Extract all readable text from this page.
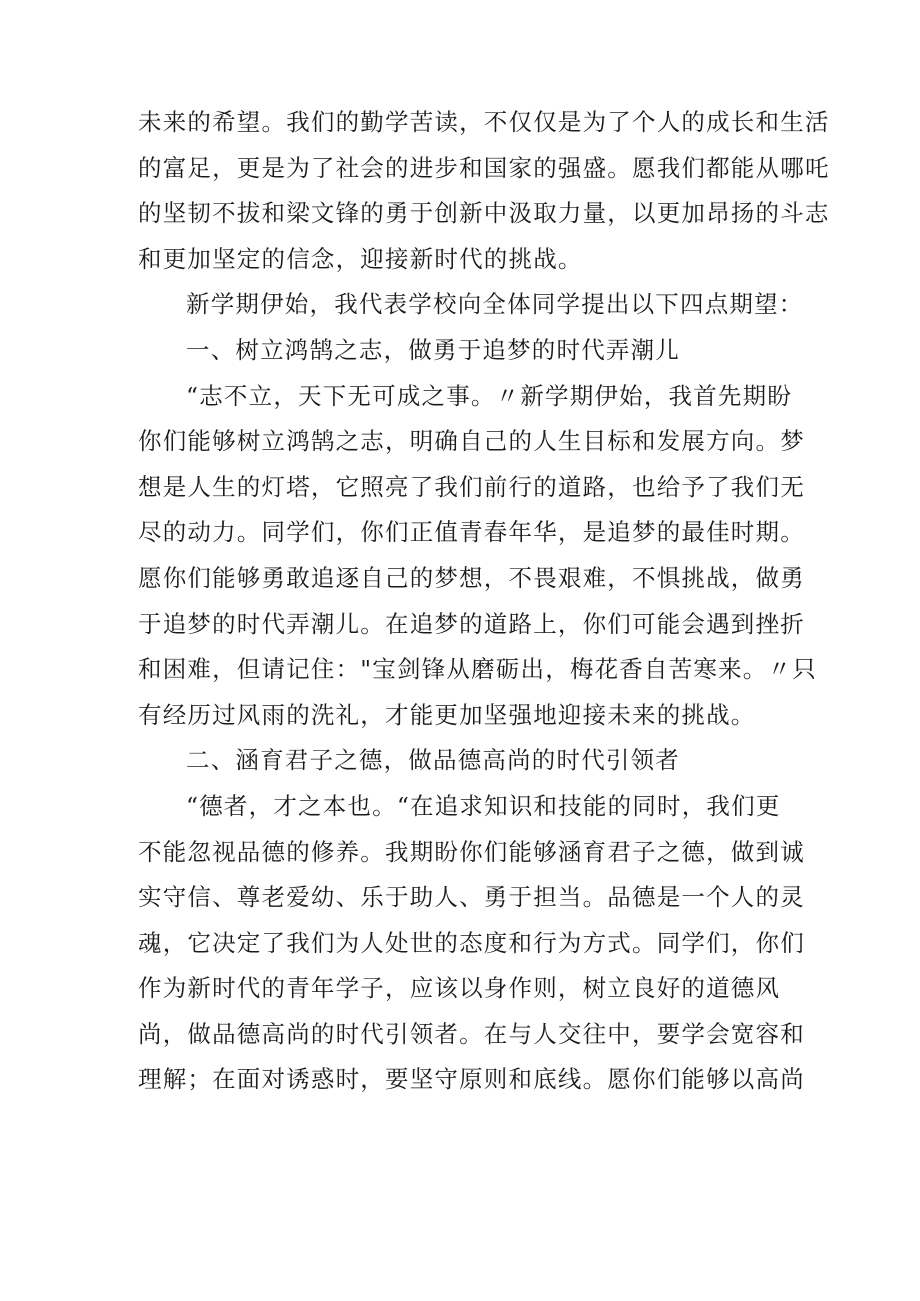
未来的希望。我们的勤学苦读，不仅仅是为了个人的成长和生活
的富足，更是为了社会的进步和国家的强盛。愿我们都能从哪吒
的坚韧不拔和梁文锋的勇于创新中汲取力量，以更加昂扬的斗志
和更加坚定的信念，迎接新时代的挑战。
新学期伊始，我代表学校向全体同学提出以下四点期望：
一、树立鸿鹄之志，做勇于追梦的时代弄潮儿
“志不立，天下无可成之事。〃新学期伊始，我首先期盼
你们能够树立鸿鹄之志，明确自己的人生目标和发展方向。梦
想是人生的灯塔，它照亮了我们前行的道路，也给予了我们无
尽的动力。同学们，你们正值青春年华，是追梦的最佳时期。
愿你们能够勇敢追逐自己的梦想，不畏艰难，不惧挑战，做勇
于追梦的时代弄潮儿。在追梦的道路上，你们可能会遇到挫折
和困难，但请记住："宝剑锋从磨砺出，梅花香自苦寒来。〃只
有经历过风雨的洗礼，才能更加坚强地迎接未来的挑战。
二、涵育君子之德，做品德高尚的时代引领者
“德者，才之本也。“在追求知识和技能的同时，我们更
不能忽视品德的修养。我期盼你们能够涵育君子之德，做到诚
实守信、尊老爱幼、乐于助人、勇于担当。品德是一个人的灵
魂，它决定了我们为人处世的态度和行为方式。同学们，你们
作为新时代的青年学子，应该以身作则，树立良好的道德风
尚，做品德高尚的时代引领者。在与人交往中，要学会宽容和
理解；在面对诱惑时，要坚守原则和底线。愿你们能够以高尚
